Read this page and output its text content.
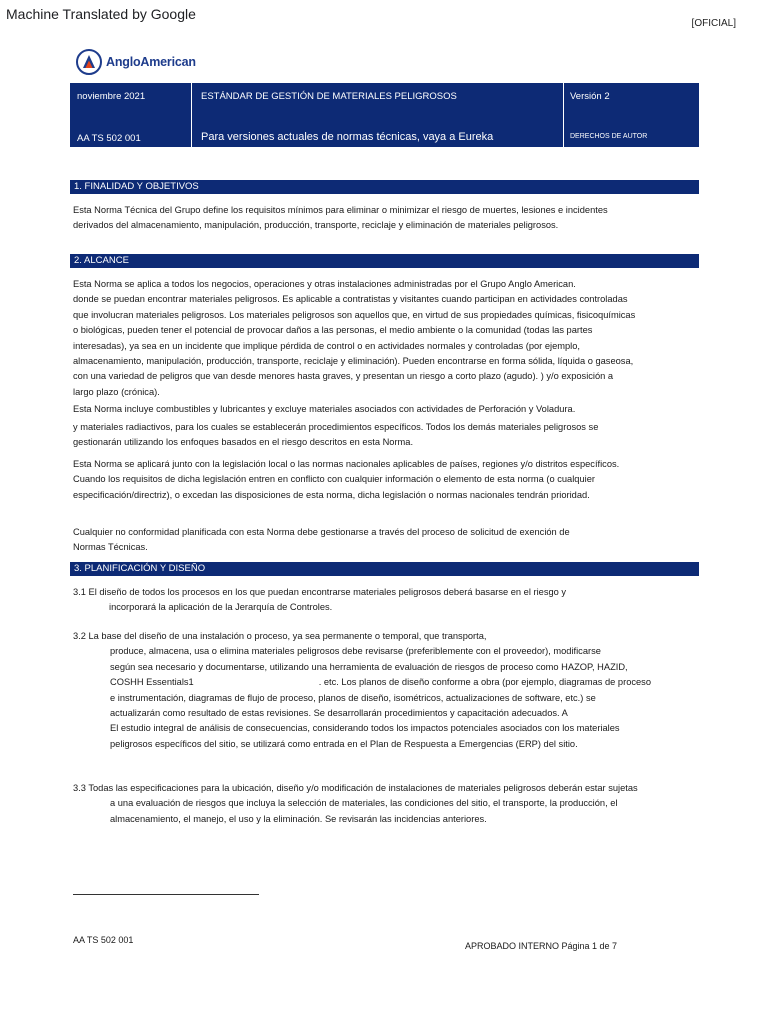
Machine Translated by Google
[OFICIAL]
AngloAmerican
noviembre 2021	ESTÁNDAR DE GESTIÓN DE MATERIALES PELIGROSOS	Versión 2
AA TS 502 001	Para versiones actuales de normas técnicas, vaya a Eureka	DERECHOS DE AUTOR
1. FINALIDAD Y OBJETIVOS
Esta Norma Técnica del Grupo define los requisitos mínimos para eliminar o minimizar el riesgo de muertes, lesiones e incidentes
derivados del almacenamiento, manipulación, producción, transporte, reciclaje y eliminación de materiales peligrosos.
2. ALCANCE
Esta Norma se aplica a todos los negocios, operaciones y otras instalaciones administradas por el Grupo Anglo American.
donde se puedan encontrar materiales peligrosos. Es aplicable a contratistas y visitantes cuando participan en actividades controladas
que involucran materiales peligrosos. Los materiales peligrosos son aquellos que, en virtud de sus propiedades químicas, fisicoquímicas
o biológicas, pueden tener el potencial de provocar daños a las personas, el medio ambiente o la comunidad (todas las partes
interesadas), ya sea en un incidente que implique pérdida de control o en actividades normales y controladas (por ejemplo,
almacenamiento, manipulación, producción, transporte, reciclaje y eliminación). Pueden encontrarse en forma sólida, líquida o gaseosa,
con una variedad de peligros que van desde menores hasta graves, y presentan un riesgo a corto plazo (agudo). ) y/o exposición a
largo plazo (crónica).
Esta Norma incluye combustibles y lubricantes y excluye materiales asociados con actividades de Perforación y Voladura.
y materiales radiactivos, para los cuales se establecerán procedimientos específicos. Todos los demás materiales peligrosos se
gestionarán utilizando los enfoques basados en el riesgo descritos en esta Norma.
Esta Norma se aplicará junto con la legislación local o las normas nacionales aplicables de países, regiones y/o distritos específicos.
Cuando los requisitos de dicha legislación entren en conflicto con cualquier información o elemento de esta norma (o cualquier
especificación/directriz), o excedan las disposiciones de esta norma, dicha legislación o normas nacionales tendrán prioridad.
Cualquier no conformidad planificada con esta Norma debe gestionarse a través del proceso de solicitud de exención de
Normas Técnicas.
3. PLANIFICACIÓN Y DISEÑO
3.1 El diseño de todos los procesos en los que puedan encontrarse materiales peligrosos deberá basarse en el riesgo y
incorporará la aplicación de la Jerarquía de Controles.
3.2 La base del diseño de una instalación o proceso, ya sea permanente o temporal, que transporta,
produce, almacena, usa o elimina materiales peligrosos debe revisarse (preferiblemente con el proveedor), modificarse
según sea necesario y documentarse, utilizando una herramienta de evaluación de riesgos de proceso como HAZOP, HAZID,
COSHH Essentials1	. etc. Los planos de diseño conforme a obra (por ejemplo, diagramas de proceso
e instrumentación, diagramas de flujo de proceso, planos de diseño, isométricos, actualizaciones de software, etc.) se
actualizarán como resultado de estas revisiones. Se desarrollarán procedimientos y capacitación adecuados. A
El estudio integral de análisis de consecuencias, considerando todos los impactos potenciales asociados con los materiales
peligrosos específicos del sitio, se utilizará como entrada en el Plan de Respuesta a Emergencias (ERP) del sitio.
3.3 Todas las especificaciones para la ubicación, diseño y/o modificación de instalaciones de materiales peligrosos deberán estar sujetas
a una evaluación de riesgos que incluya la selección de materiales, las condiciones del sitio, el transporte, la producción, el
almacenamiento, el manejo, el uso y la eliminación. Se revisarán las incidencias anteriores.
AA TS 502 001
APROBADO INTERNO Página 1 de 7
